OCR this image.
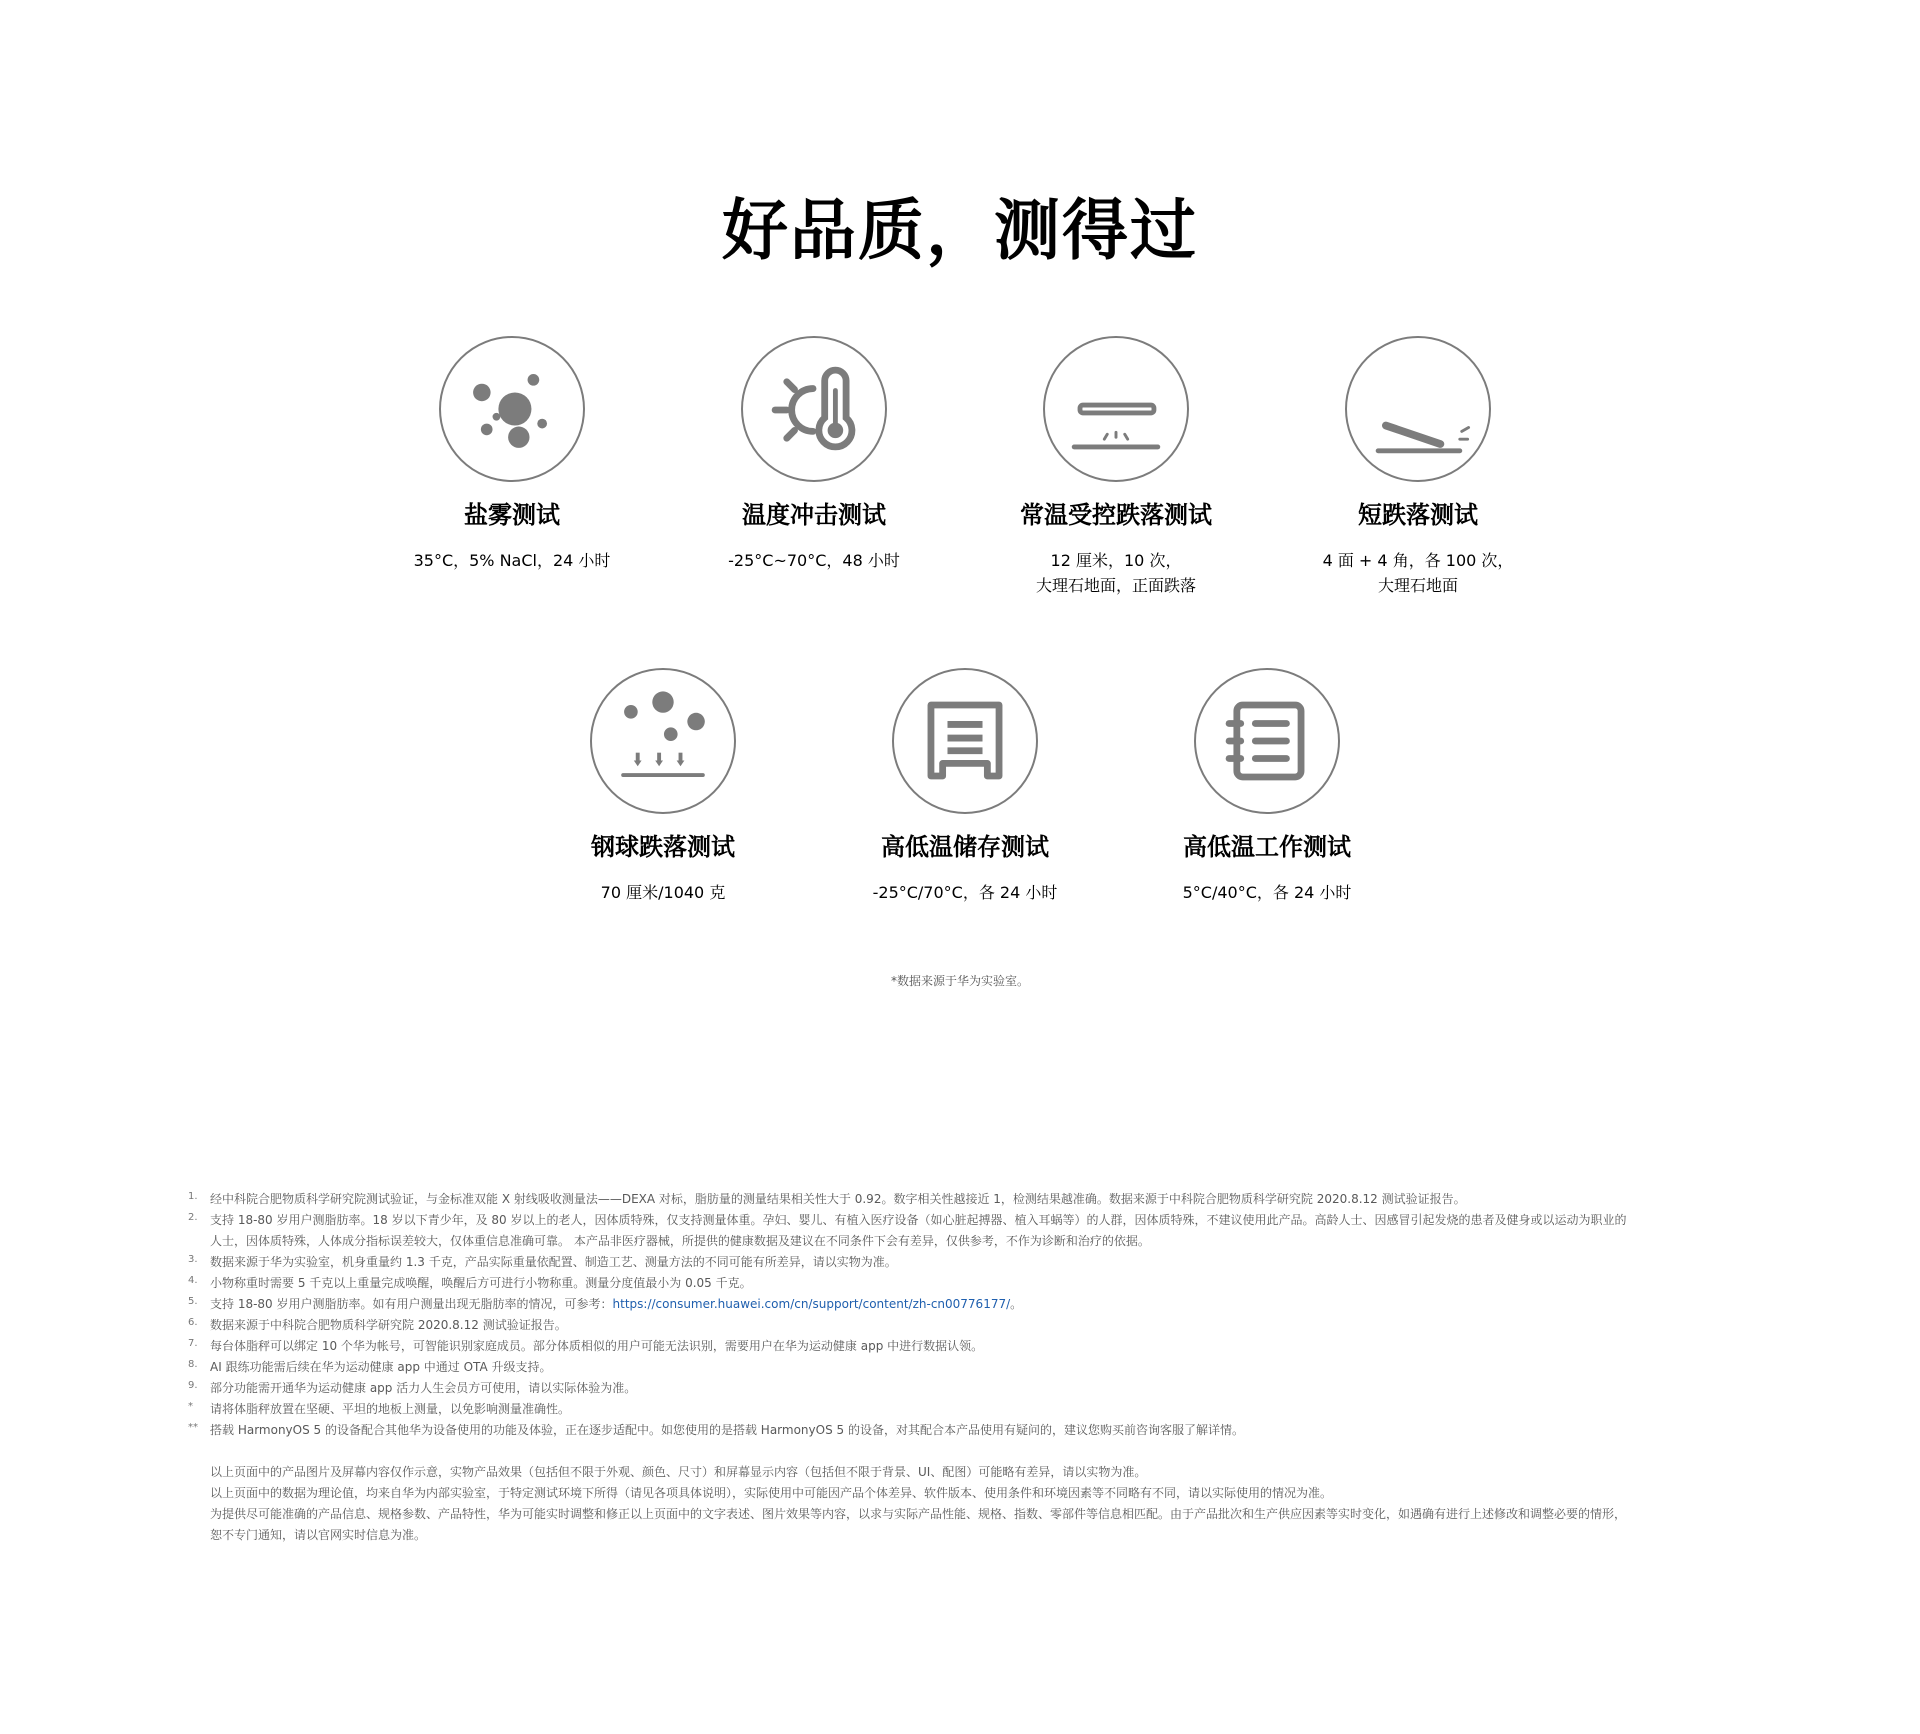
好品质，测得过
盐雾测试
35°C，5% NaCl，24 小时
温度冲击测试
-25°C~70°C，48 小时
常温受控跌落测试
12 厘米，10 次，
大理石地面，正面跌落
短跌落测试
4 面 + 4 角，各 100 次，
大理石地面
钢球跌落测试
70 厘米/1040 克
高低温储存测试
-25°C/70°C，各 24 小时
高低温工作测试
5°C/40°C，各 24 小时
*数据来源于华为实验室。
1. 经中科院合肥物质科学研究院测试验证，与金标准双能 X 射线吸收测量法——DEXA 对标，脂肪量的测量结果相关性大于 0.92。数字相关性越接近 1，检测结果越准确。数据来源于中科院合肥物质科学研究院 2020.8.12 测试验证报告。
2. 支持 18-80 岁用户测脂肪率。18 岁以下青少年，及 80 岁以上的老人，因体质特殊，仅支持测量体重。孕妇、婴儿、有植入医疗设备（如心脏起搏器、植入耳蜗等）的人群，因体质特殊，不建议使用此产品。高龄人士、因感冒引起发烧的患者及健身或以运动为职业的
人士，因体质特殊，人体成分指标误差较大，仅体重信息准确可靠。 本产品非医疗器械，所提供的健康数据及建议在不同条件下会有差异，仅供参考，不作为诊断和治疗的依据。
3. 数据来源于华为实验室，机身重量约 1.3 千克，产品实际重量依配置、制造工艺、测量方法的不同可能有所差异，请以实物为准。
4. 小物称重时需要 5 千克以上重量完成唤醒，唤醒后方可进行小物称重。测量分度值最小为 0.05 千克。
5. 支持 18-80 岁用户测脂肪率。如有用户测量出现无脂肪率的情况，可参考：https://consumer.huawei.com/cn/support/content/zh-cn00776177/。
6. 数据来源于中科院合肥物质科学研究院 2020.8.12 测试验证报告。
7. 每台体脂秤可以绑定 10 个华为帐号，可智能识别家庭成员。部分体质相似的用户可能无法识别，需要用户在华为运动健康 app 中进行数据认领。
8. AI 跟练功能需后续在华为运动健康 app 中通过 OTA 升级支持。
9. 部分功能需开通华为运动健康 app 活力人生会员方可使用，请以实际体验为准。
* 请将体脂秤放置在坚硬、平坦的地板上测量，以免影响测量准确性。
** 搭载 HarmonyOS 5 的设备配合其他华为设备使用的功能及体验，正在逐步适配中。如您使用的是搭载 HarmonyOS 5 的设备，对其配合本产品使用有疑问的，建议您购买前咨询客服了解详情。
以上页面中的产品图片及屏幕内容仅作示意，实物产品效果（包括但不限于外观、颜色、尺寸）和屏幕显示内容（包括但不限于背景、UI、配图）可能略有差异，请以实物为准。
以上页面中的数据为理论值，均来自华为内部实验室，于特定测试环境下所得（请见各项具体说明），实际使用中可能因产品个体差异、软件版本、使用条件和环境因素等不同略有不同，请以实际使用的情况为准。
为提供尽可能准确的产品信息、规格参数、产品特性，华为可能实时调整和修正以上页面中的文字表述、图片效果等内容，以求与实际产品性能、规格、指数、零部件等信息相匹配。由于产品批次和生产供应因素等实时变化，如遇确有进行上述修改和调整必要的情形，
恕不专门通知，请以官网实时信息为准。
